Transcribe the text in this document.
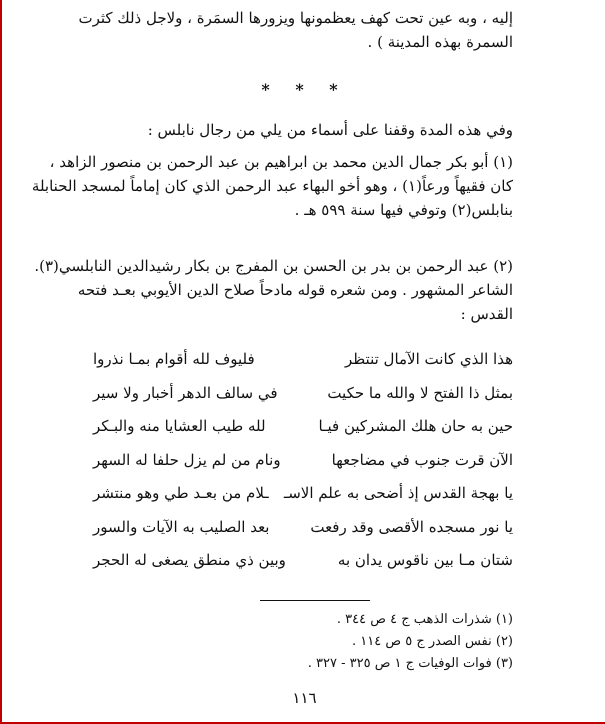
إليه ، وبه عين تحت كهف يعظمونها ويزورها السمَرة ، ولاجل ذلك كثرت
السمرة بهذه المدينة ) .
* * *
وفي هذه المدة وقفنا على أسماء من يلي من رجال نابلس :
(١) أبو بكر جمال الدين محمد بن ابراهيم بن عبد الرحمن بن منصور الزاهد ،
كان فقيهاً ورعاً(١) ، وهو أخو البهاء عبد الرحمن الذي كان إماماً لمسجد الحنابلة
بنابلس(٢) وتوفي فيها سنة ٥٩٩ هـ .
(٢) عبد الرحمن بن بدر بن الحسن بن المفرج بن بكار رشيدالدين النابلسي(٣).
الشاعر المشهور . ومن شعره قوله مادحاً صلاح الدين الأيوبي بعـد فتحه
القدس :
هذا الذي كانت الآمال تنتظر
فليوف لله أقوام بمـا نذروا
بمثل ذا الفتح لا والله ما حكيت
في سالف الدهر أخبار ولا سير
حين به حان هلك المشركين فيـا
لله طيب العشايا منه والبـكر
الآن قرت جنوب في مضاجعها
ونام من لم يزل حلفا له السهر
يا بهجة القدس إذ أضحى به علم الاسـ
ـلام من بعـد طي وهو منتشر
يا نور مسجده الأقصى وقد رفعت
بعد الصليب به الآيات والسور
شتان مـا بين ناقوس يدان به
وبين ذي منطق يصغى له الحجر
(١) شذرات الذهب ج ٤ ص ٣٤٤ .
(٢) نفس الصدر ج ٥ ص ١١٤ .
(٣) فوات الوفيات ج ١ ص ٣٢٥ - ٣٢٧ .
١١٦
